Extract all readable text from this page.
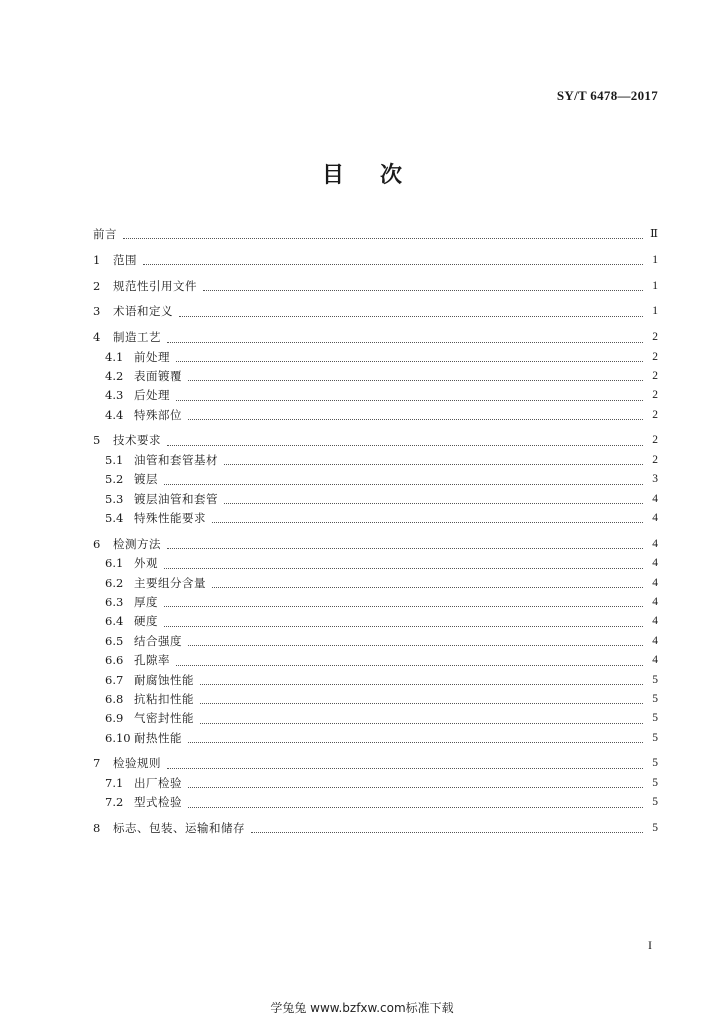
SY/T 6478—2017
目次
前言	Ⅱ
1	范围	1
2	规范性引用文件	1
3	术语和定义	1
4	制造工艺	2
4.1 前处理	2
4.2 表面镀覆	2
4.3 后处理	2
4.4 特殊部位	2
5	技术要求	2
5.1 油管和套管基材	2
5.2 镀层	3
5.3 镀层油管和套管	4
5.4 特殊性能要求	4
6	检测方法	4
6.1 外观	4
6.2 主要组分含量	4
6.3 厚度	4
6.4 硬度	4
6.5 结合强度	4
6.6 孔隙率	4
6.7 耐腐蚀性能	5
6.8 抗粘扣性能	5
6.9 气密封性能	5
6.10 耐热性能	5
7	检验规则	5
7.1 出厂检验	5
7.2 型式检验	5
8	标志、包装、运输和储存	5
I
学兔兔 www.bzfxw.com标准下载
